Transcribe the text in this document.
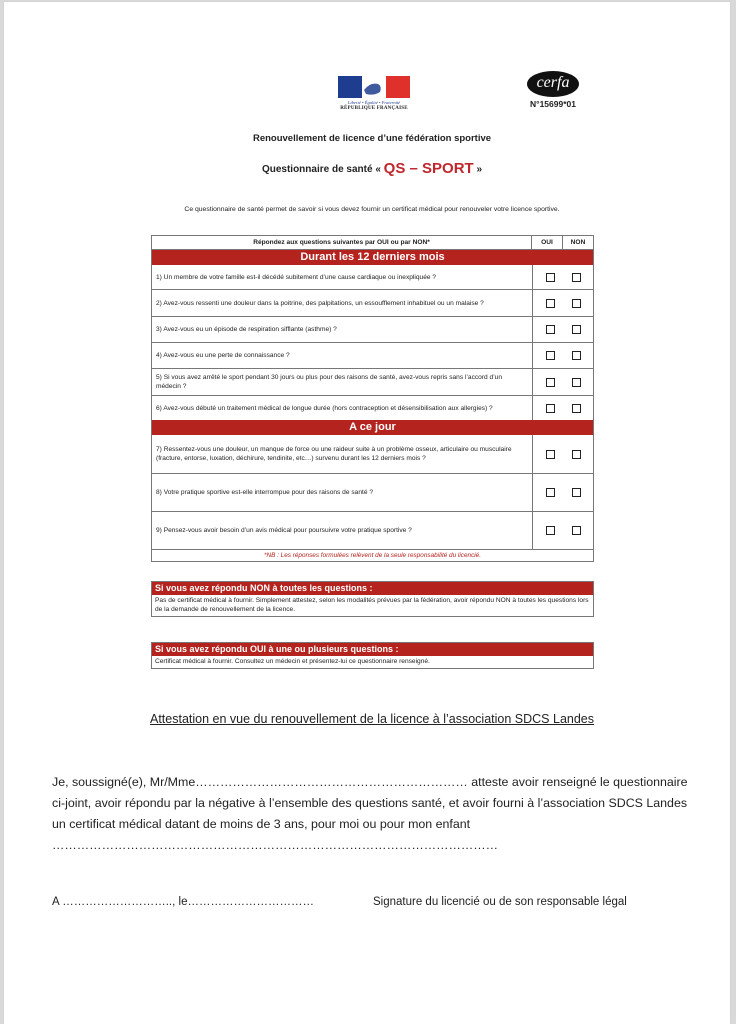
Liberté • Égalité • Fraternité
RÉPUBLIQUE FRANÇAISE
cerfa
N°15699*01
Renouvellement de licence d’une fédération sportive
Questionnaire de santé « QS – SPORT »
Ce questionnaire de santé permet de savoir si vous devez fournir un certificat médical pour renouveler votre licence sportive.
Répondez aux questions suivantes par OUI ou par NON*	OUI	NON
Durant les 12 derniers mois
1) Un membre de votre famille est-il décédé subitement d’une cause cardiaque ou inexpliquée ?
2) Avez-vous ressenti une douleur dans la poitrine, des palpitations, un essoufflement inhabituel ou un malaise ?
3) Avez-vous eu un épisode de respiration sifflante (asthme) ?
4) Avez-vous eu une perte de connaissance ?
5) Si vous avez arrêté le sport pendant 30 jours ou plus pour des raisons de santé, avez-vous repris sans l’accord d’un médecin ?
6) Avez-vous débuté un traitement médical de longue durée (hors contraception et désensibilisation aux allergies) ?
A ce jour
7) Ressentez-vous une douleur, un manque de force ou une raideur suite à un problème osseux, articulaire ou musculaire (fracture, entorse, luxation, déchirure, tendinite, etc…) survenu durant les 12 derniers mois ?
8) Votre pratique sportive est-elle interrompue pour des raisons de santé ?
9) Pensez-vous avoir besoin d’un avis médical pour poursuivre votre pratique sportive ?
*NB : Les réponses formulées relèvent de la seule responsabilité du licencié.
Si vous avez répondu NON à toutes les questions :
Pas de certificat médical à fournir. Simplement attestez, selon les modalités prévues par la fédération, avoir répondu NON à toutes les questions lors de la demande de renouvellement de la licence.
Si vous avez répondu OUI à une ou plusieurs questions :
Certificat médical à fournir. Consultez un médecin et présentez-lui ce questionnaire renseigné.
Attestation en vue du renouvellement de la licence à l’association SDCS Landes
Je, soussigné(e), Mr/Mme………………………………………………………… atteste avoir renseigné le questionnaire ci-joint, avoir répondu par la négative à l’ensemble des questions santé, et avoir fourni à l’association SDCS Landes un certificat médical datant de moins de 3 ans, pour moi ou pour mon enfant ………………………………………………………………………………………………
A ……………………….., le……………………………	Signature du licencié ou de son responsable légal
